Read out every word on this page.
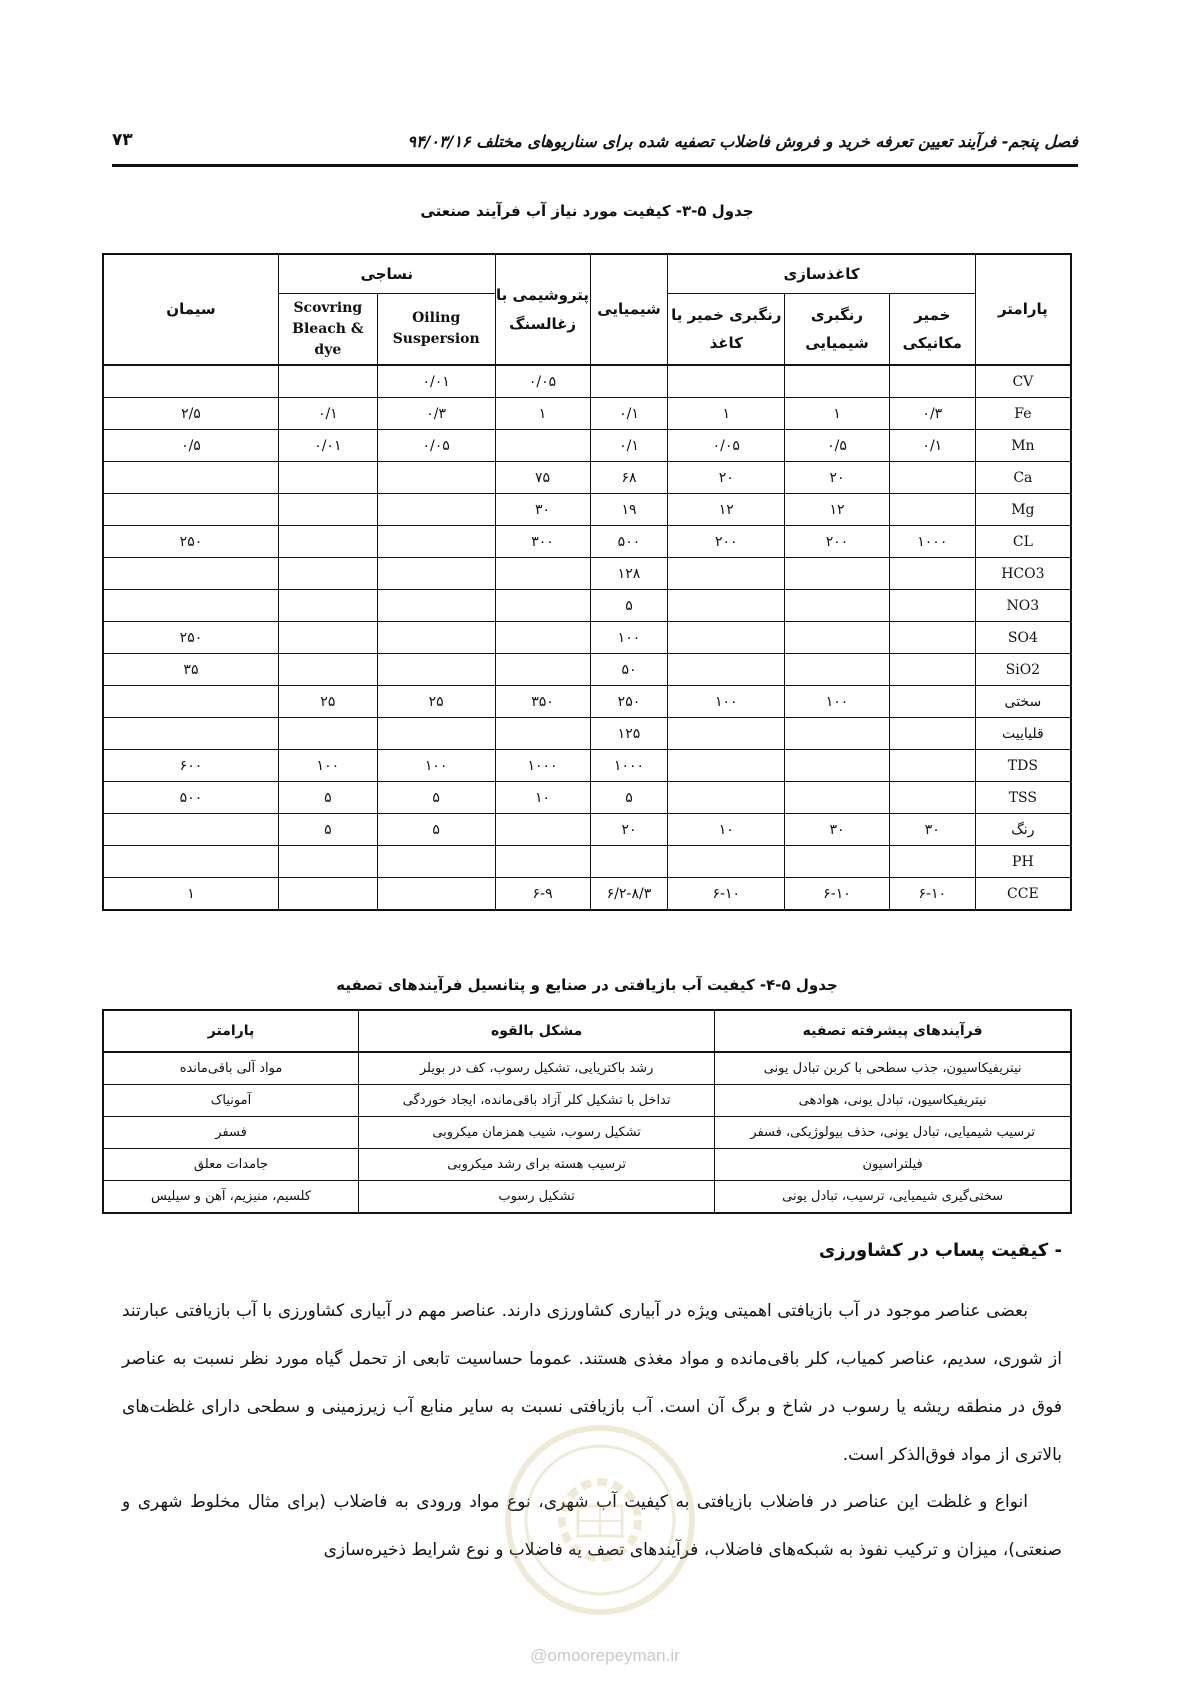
فصل پنجم- فرآیند تعیین تعرفه خرید و فروش فاضلاب تصفیه شده برای سناریوهای مختلف ۹۴/۰۳/۱۶
۷۳
جدول ۵-۳- کیفیت مورد نیاز آب فرآیند صنعتی
پارامتر	کاغذسازی			شیمیایی	پتروشیمی با زغالسنگ	نساجی		سیمان
	خمیر مکانیکی	رنگبری شیمیایی	رنگبری خمیر یا کاغذ			Oiling Suspersion	Scovring Bleach & dye	
CV					۰/۰۵	۰/۰۱		
Fe	۰/۳	۱	۱	۰/۱	۱	۰/۳	۰/۱	۲/۵
Mn	۰/۱	۰/۵	۰/۰۵	۰/۱		۰/۰۵	۰/۰۱	۰/۵
Ca		۲۰	۲۰	۶۸	۷۵			
Mg		۱۲	۱۲	۱۹	۳۰			
CL	۱۰۰۰	۲۰۰	۲۰۰	۵۰۰	۳۰۰			۲۵۰
HCO3				۱۲۸				
NO3				۵				
SO4				۱۰۰				۲۵۰
SiO2				۵۰				۳۵
سختی		۱۰۰	۱۰۰	۲۵۰	۳۵۰	۲۵	۲۵	
قلیاییت				۱۲۵				
TDS				۱۰۰۰	۱۰۰۰	۱۰۰	۱۰۰	۶۰۰
TSS				۵	۱۰	۵	۵	۵۰۰
رنگ	۳۰	۳۰	۱۰	۲۰		۵	۵	
PH								
CCE	۶-۱۰	۶-۱۰	۶-۱۰	۶/۲-۸/۳	۶-۹			۱
جدول ۵-۴- کیفیت آب بازیافتی در صنایع و پتانسیل فرآیندهای تصفیه
فرآیندهای پیشرفته تصفیه	مشکل بالقوه	پارامتر
نیتریفیکاسیون، جذب سطحی با کربن تبادل یونی	رشد باکتریایی، تشکیل رسوب، کف در بویلر	مواد آلی باقی‌مانده
نیتریفیکاسیون، تبادل یونی، هوادهی	تداخل با تشکیل کلر آزاد باقی‌مانده، ایجاد خوردگی	آمونیاک
ترسیب شیمیایی، تبادل یونی، حذف بیولوژیکی، فسفر	تشکیل رسوب، شیب همزمان میکروبی	فسفر
فیلتراسیون	ترسیب هسته برای رشد میکروبی	جامدات معلق
سختی‌گیری شیمیایی، ترسیب، تبادل یونی	تشکیل رسوب	کلسیم، منیزیم، آهن و سیلیس
- کیفیت پساب در کشاورزی
بعضی عناصر موجود در آب بازیافتی اهمیتی ویژه در آبیاری کشاورزی دارند. عناصر مهم در آبیاری کشاورزی با آب بازیافتی عبارتند از شوری، سدیم، عناصر کمیاب، کلر باقی‌مانده و مواد مغذی هستند. عموما حساسیت تابعی از تحمل گیاه مورد نظر نسبت به عناصر فوق در منطقه ریشه یا رسوب در شاخ و برگ آن است. آب بازیافتی نسبت به سایر منابع آب زیرزمینی و سطحی دارای غلظت‌های بالاتری از مواد فوق‌الذکر است.
انواع و غلظت این عناصر در فاضلاب بازیافتی به کیفیت آب شهری، نوع مواد ورودی به فاضلاب (برای مثال مخلوط شهری و صنعتی)، میزان و ترکیب نفوذ به شبکه‌های فاضلاب، فرآیندهای تصف یه فاضلاب و نوع شرایط ذخیره‌سازی
@omoorepeyman.ir
